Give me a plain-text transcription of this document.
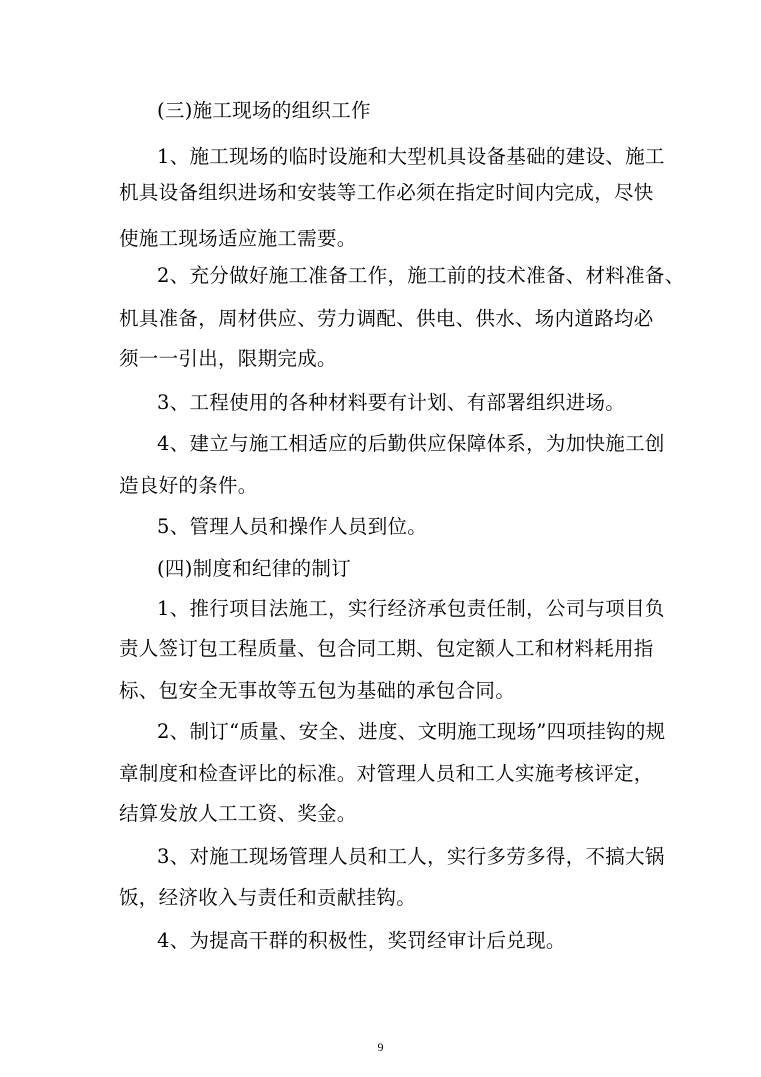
(三)施工现场的组织工作
1、施工现场的临时设施和大型机具设备基础的建设、施工
机具设备组织进场和安装等工作必须在指定时间内完成，尽快
使施工现场适应施工需要。
2、充分做好施工准备工作，施工前的技术准备、材料准备、
机具准备，周材供应、劳力调配、供电、供水、场内道路均必
须一一引出，限期完成。
3、工程使用的各种材料要有计划、有部署组织进场。
4、建立与施工相适应的后勤供应保障体系，为加快施工创
造良好的条件。
5、管理人员和操作人员到位。
(四)制度和纪律的制订
1、推行项目法施工，实行经济承包责任制，公司与项目负
责人签订包工程质量、包合同工期、包定额人工和材料耗用指
标、包安全无事故等五包为基础的承包合同。
2、制订“质量、安全、进度、文明施工现场”四项挂钩的规
章制度和检查评比的标准。对管理人员和工人实施考核评定，
结算发放人工工资、奖金。
3、对施工现场管理人员和工人，实行多劳多得，不搞大锅
饭，经济收入与责任和贡献挂钩。
4、为提高干群的积极性，奖罚经审计后兑现。
9
